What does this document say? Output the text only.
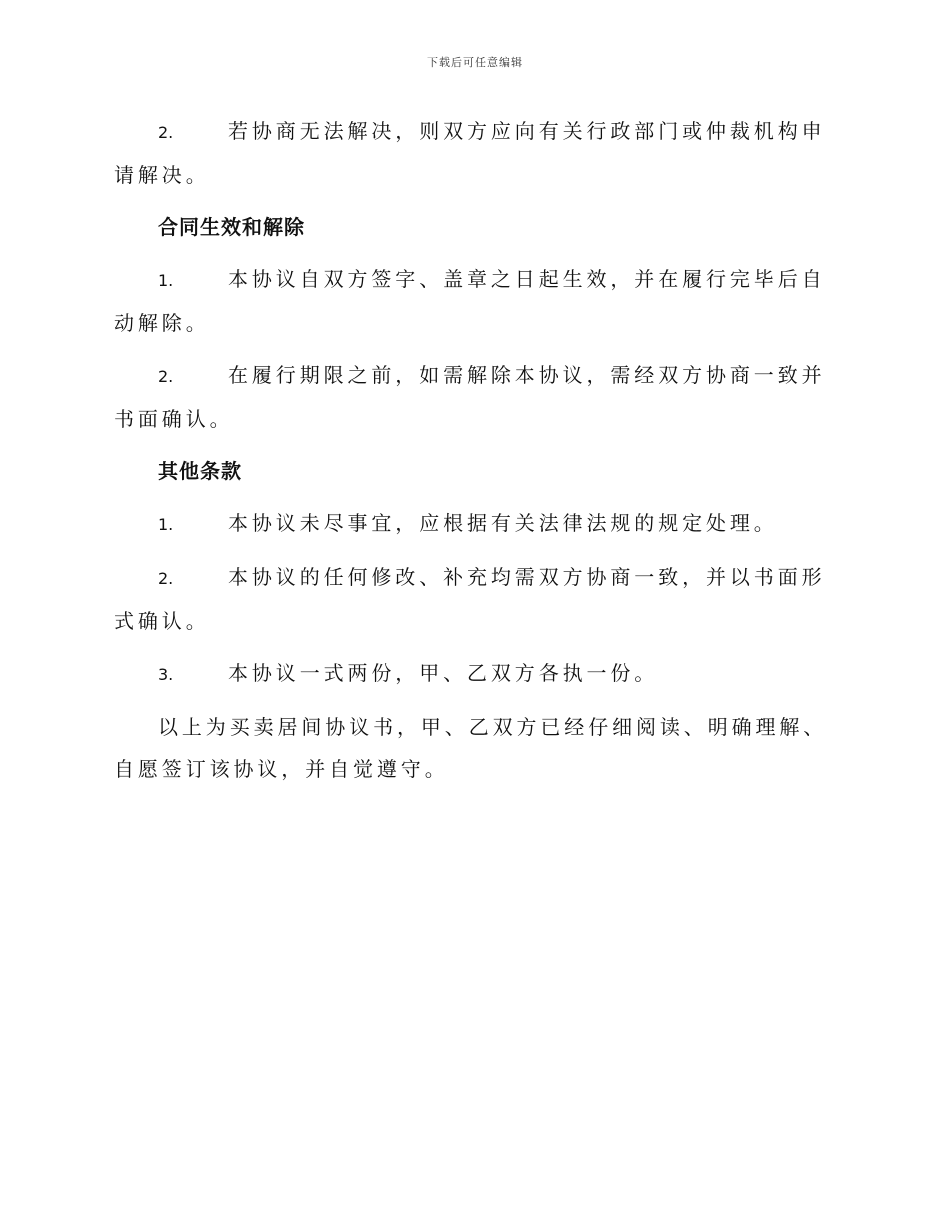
下载后可任意编辑
2.	若协商无法解决，则双方应向有关行政部门或仲裁机构申请解决。
合同生效和解除
1.	本协议自双方签字、盖章之日起生效，并在履行完毕后自动解除。
2.	在履行期限之前，如需解除本协议，需经双方协商一致并书面确认。
其他条款
1.	本协议未尽事宜，应根据有关法律法规的规定处理。
2.	本协议的任何修改、补充均需双方协商一致，并以书面形式确认。
3.	本协议一式两份，甲、乙双方各执一份。
以上为买卖居间协议书，甲、乙双方已经仔细阅读、明确理解、自愿签订该协议，并自觉遵守。
